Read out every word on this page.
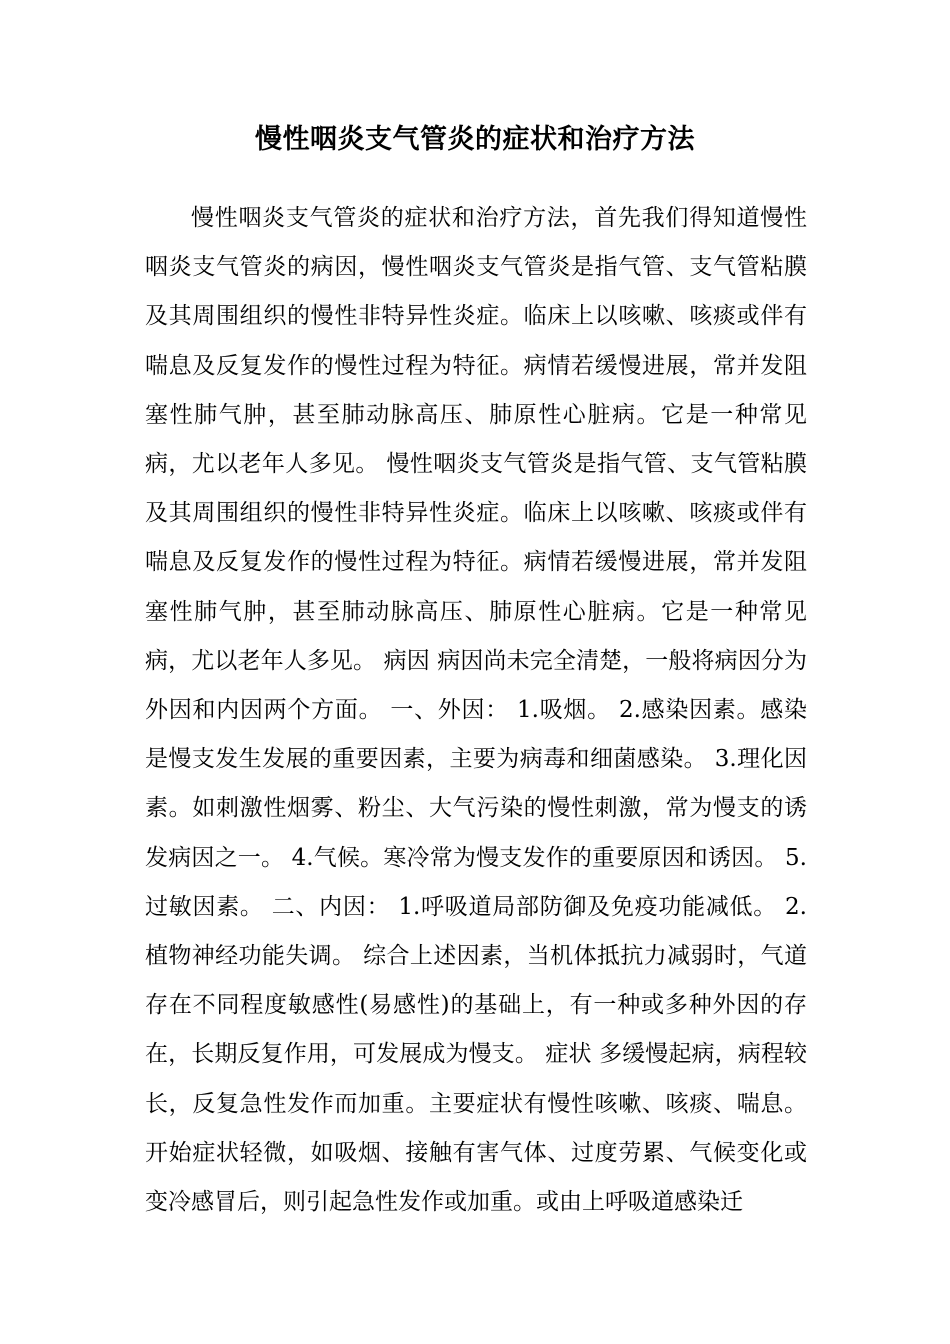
慢性咽炎支气管炎的症状和治疗方法

慢性咽炎支气管炎的症状和治疗方法，首先我们得知道慢性咽炎支气管炎的病因，慢性咽炎支气管炎是指气管、支气管粘膜及其周围组织的慢性非特异性炎症。临床上以咳嗽、咳痰或伴有喘息及反复发作的慢性过程为特征。病情若缓慢进展，常并发阻塞性肺气肿，甚至肺动脉高压、肺原性心脏病。它是一种常见病，尤以老年人多见。 慢性咽炎支气管炎是指气管、支气管粘膜及其周围组织的慢性非特异性炎症。临床上以咳嗽、咳痰或伴有喘息及反复发作的慢性过程为特征。病情若缓慢进展，常并发阻塞性肺气肿，甚至肺动脉高压、肺原性心脏病。它是一种常见病，尤以老年人多见。 病因 病因尚未完全清楚，一般将病因分为外因和内因两个方面。 一、外因： 1.吸烟。 2.感染因素。感染是慢支发生发展的重要因素，主要为病毒和细菌感染。 3.理化因素。如刺激性烟雾、粉尘、大气污染的慢性刺激，常为慢支的诱发病因之一。 4.气候。寒冷常为慢支发作的重要原因和诱因。 5.过敏因素。 二、内因： 1.呼吸道局部防御及免疫功能减低。 2.植物神经功能失调。 综合上述因素，当机体抵抗力减弱时，气道存在不同程度敏感性(易感性)的基础上，有一种或多种外因的存在，长期反复作用，可发展成为慢支。 症状 多缓慢起病，病程较长，反复急性发作而加重。主要症状有慢性咳嗽、咳痰、喘息。开始症状轻微，如吸烟、接触有害气体、过度劳累、气候变化或变冷感冒后，则引起急性发作或加重。或由上呼吸道感染迁
